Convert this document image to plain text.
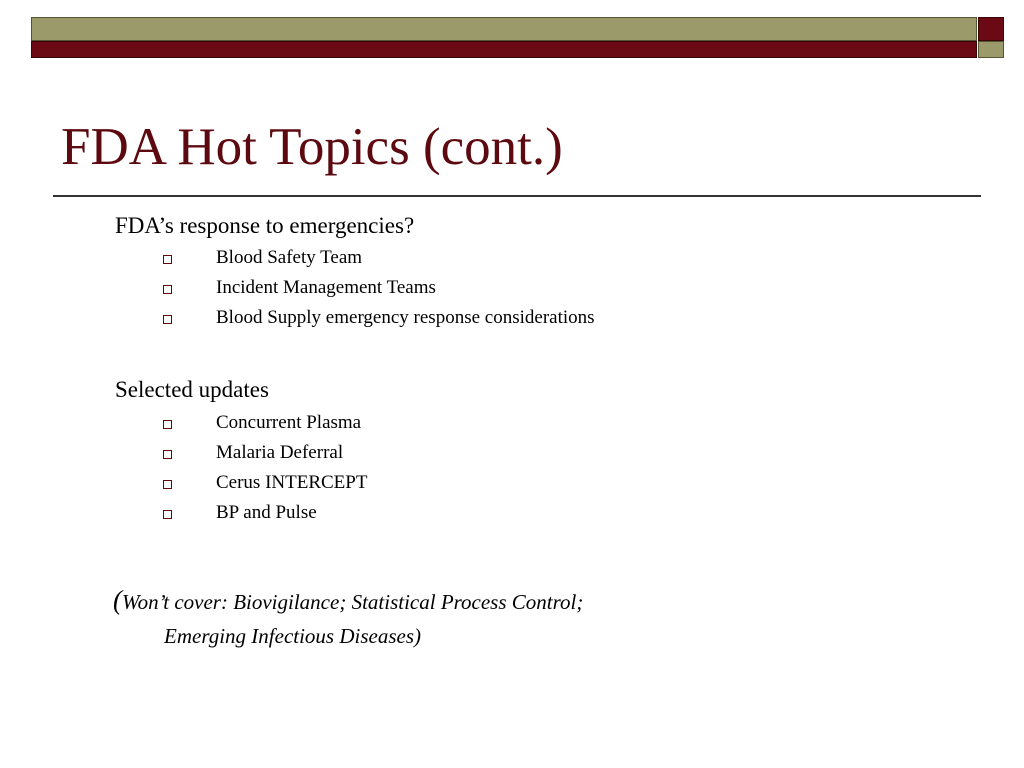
FDA Hot Topics (cont.)
FDA’s response to emergencies?
Blood Safety Team
Incident Management Teams
Blood Supply emergency response considerations
Selected updates
Concurrent Plasma
Malaria Deferral
Cerus INTERCEPT
BP and Pulse
(Won’t cover: Biovigilance; Statistical Process Control;
Emerging Infectious Diseases)
